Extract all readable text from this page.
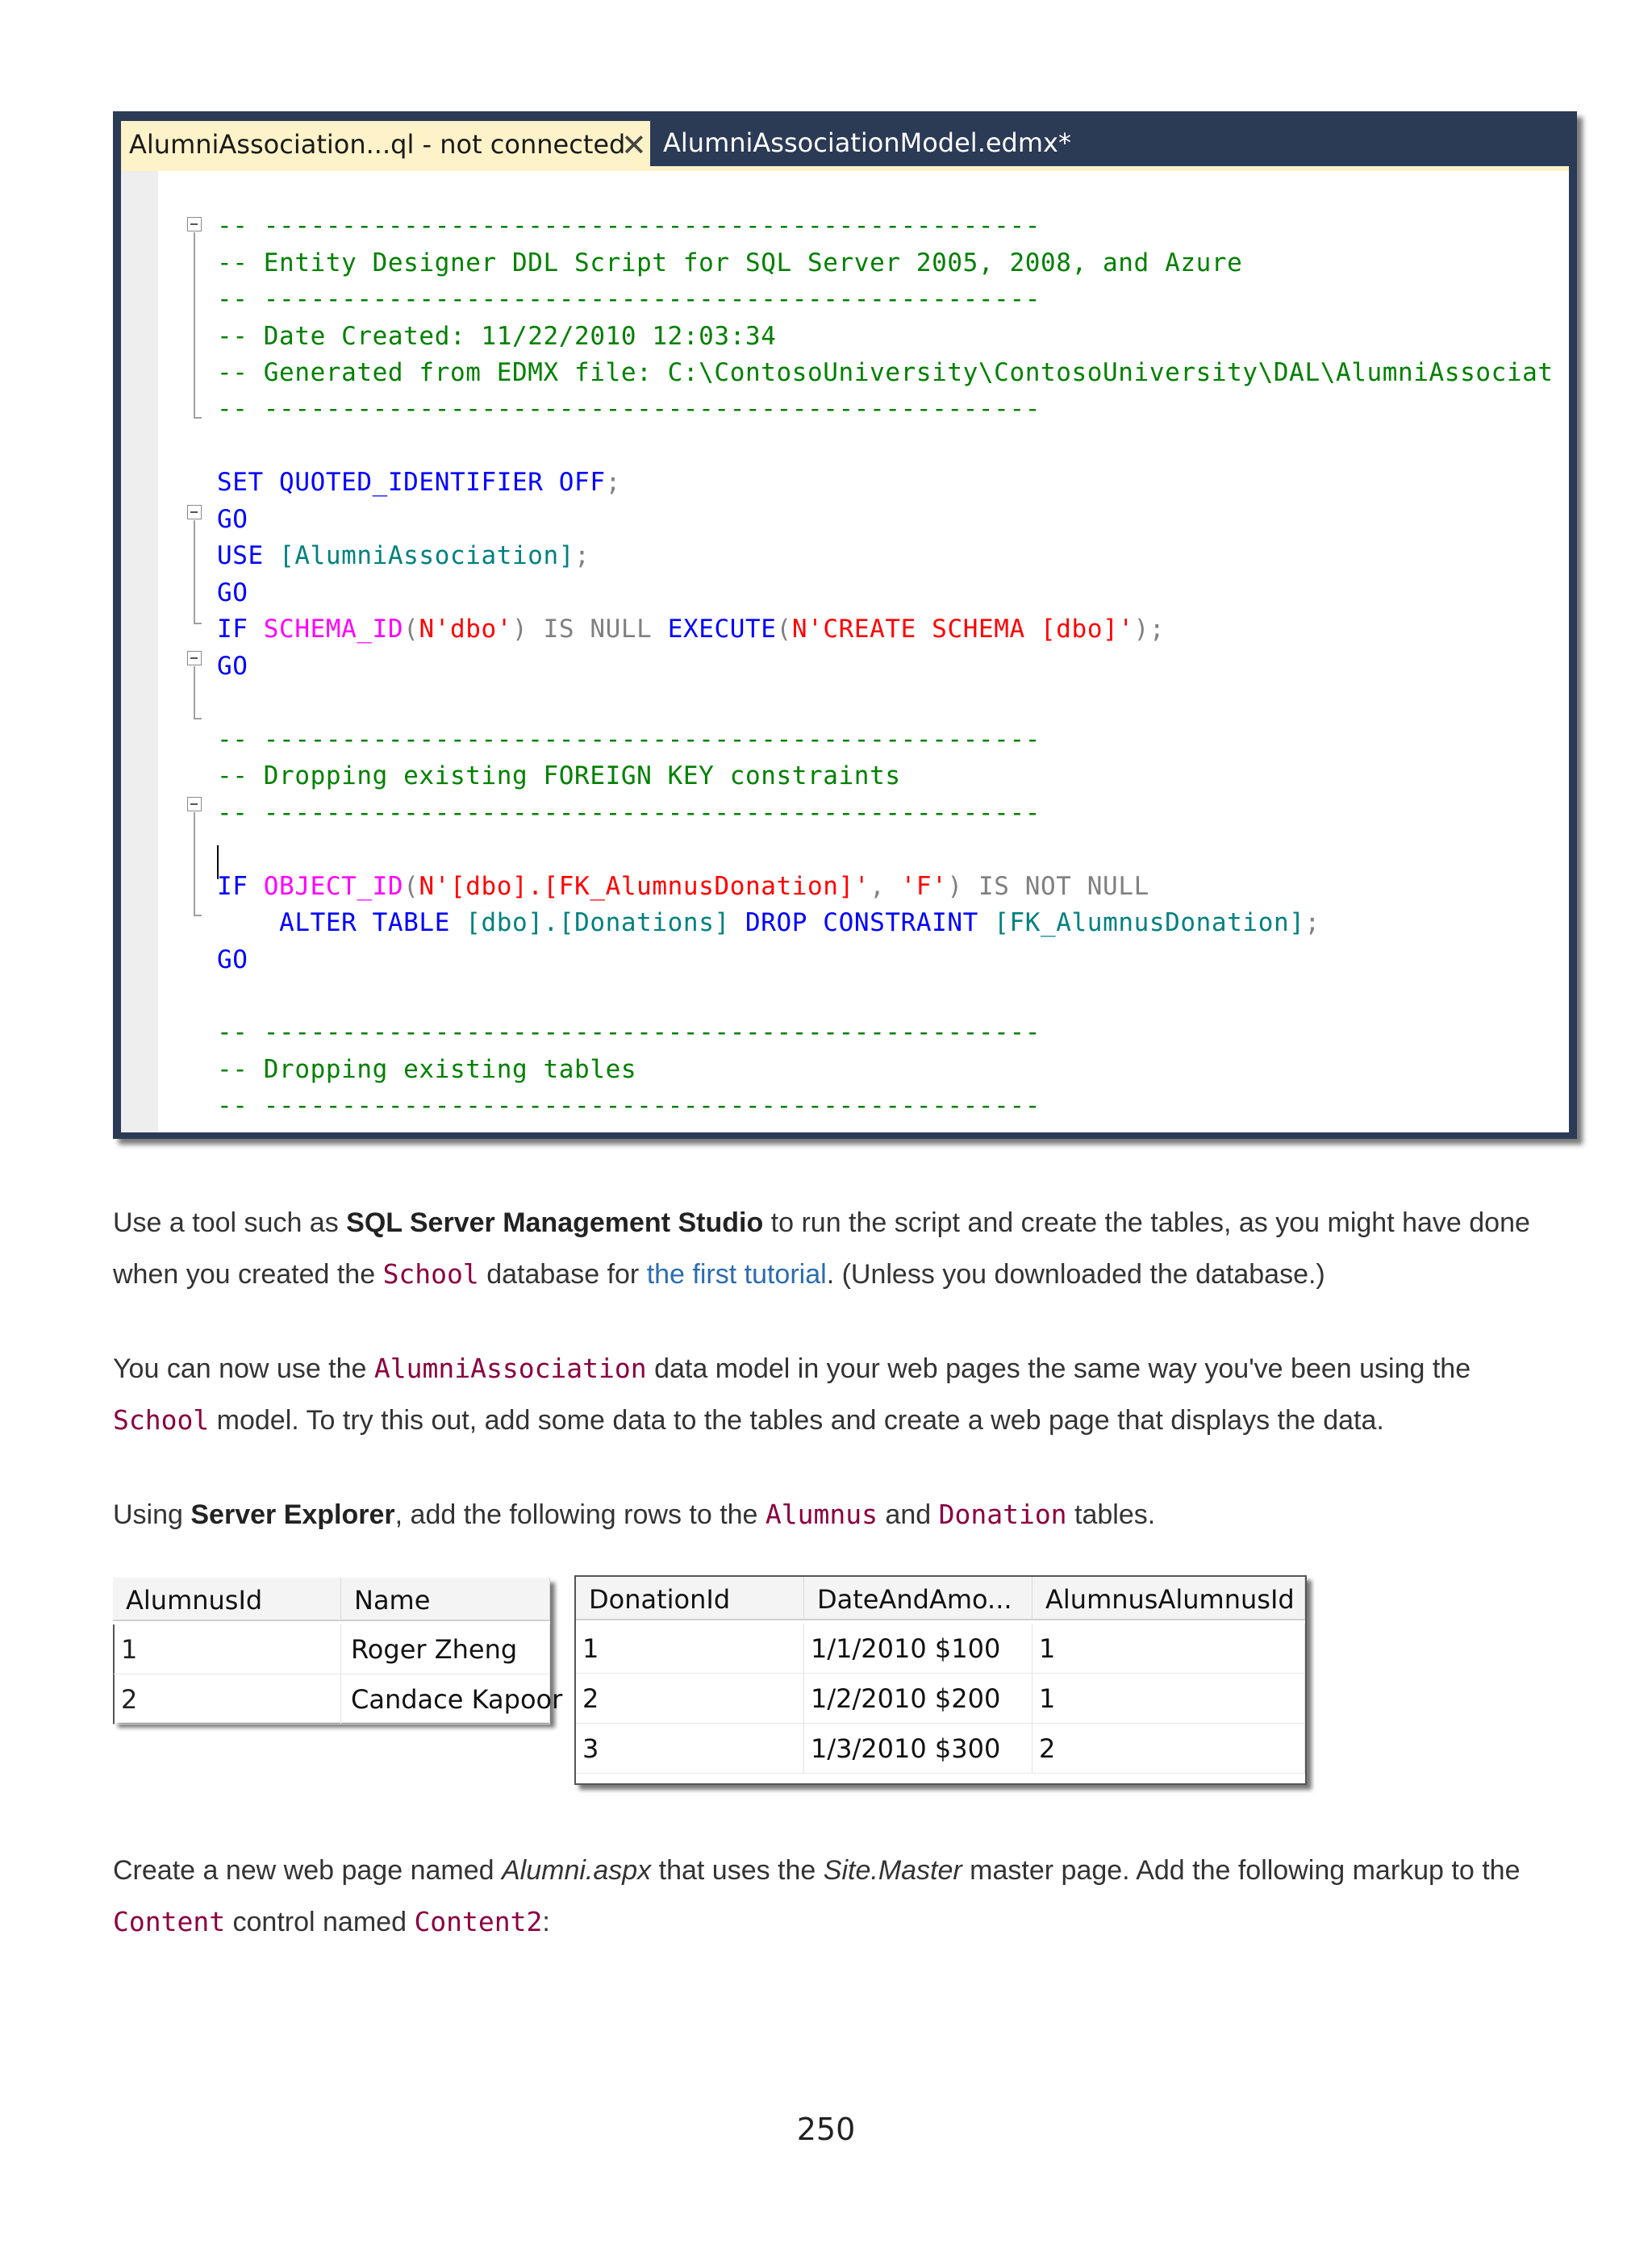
AlumniAssociation...ql - not connected
✕ AlumniAssociationModel.edmx*
-- --------------------------------------------------
-- Entity Designer DDL Script for SQL Server 2005, 2008, and Azure
-- --------------------------------------------------
-- Date Created: 11/22/2010 12:03:34
-- Generated from EDMX file: C:\ContosoUniversity\ContosoUniversity\DAL\AlumniAssociat
-- --------------------------------------------------
SET QUOTED_IDENTIFIER OFF;
GO
USE [AlumniAssociation];
GO
IF SCHEMA_ID(N'dbo') IS NULL EXECUTE(N'CREATE SCHEMA [dbo]');
GO
-- --------------------------------------------------
-- Dropping existing FOREIGN KEY constraints
-- --------------------------------------------------
IF OBJECT_ID(N'[dbo].[FK_AlumnusDonation]', 'F') IS NOT NULL
ALTER TABLE [dbo].[Donations] DROP CONSTRAINT [FK_AlumnusDonation];
GO
-- --------------------------------------------------
-- Dropping existing tables
-- --------------------------------------------------
Use a tool such as SQL Server Management Studio to run the script and create the tables, as you might have done when you created the School database for the first tutorial. (Unless you downloaded the database.)
You can now use the AlumniAssociation data model in your web pages the same way you've been using the School model. To try this out, add some data to the tables and create a web page that displays the data.
Using Server Explorer, add the following rows to the Alumnus and Donation tables.
AlumnusId	Name
1	Roger Zheng
2	Candace Kapoor
DonationId	DateAndAmo...	AlumnusAlumnusId
1	1/1/2010 $100	1
2	1/2/2010 $200	1
3	1/3/2010 $300	2
Create a new web page named Alumni.aspx that uses the Site.Master master page. Add the following markup to the Content control named Content2:
250
